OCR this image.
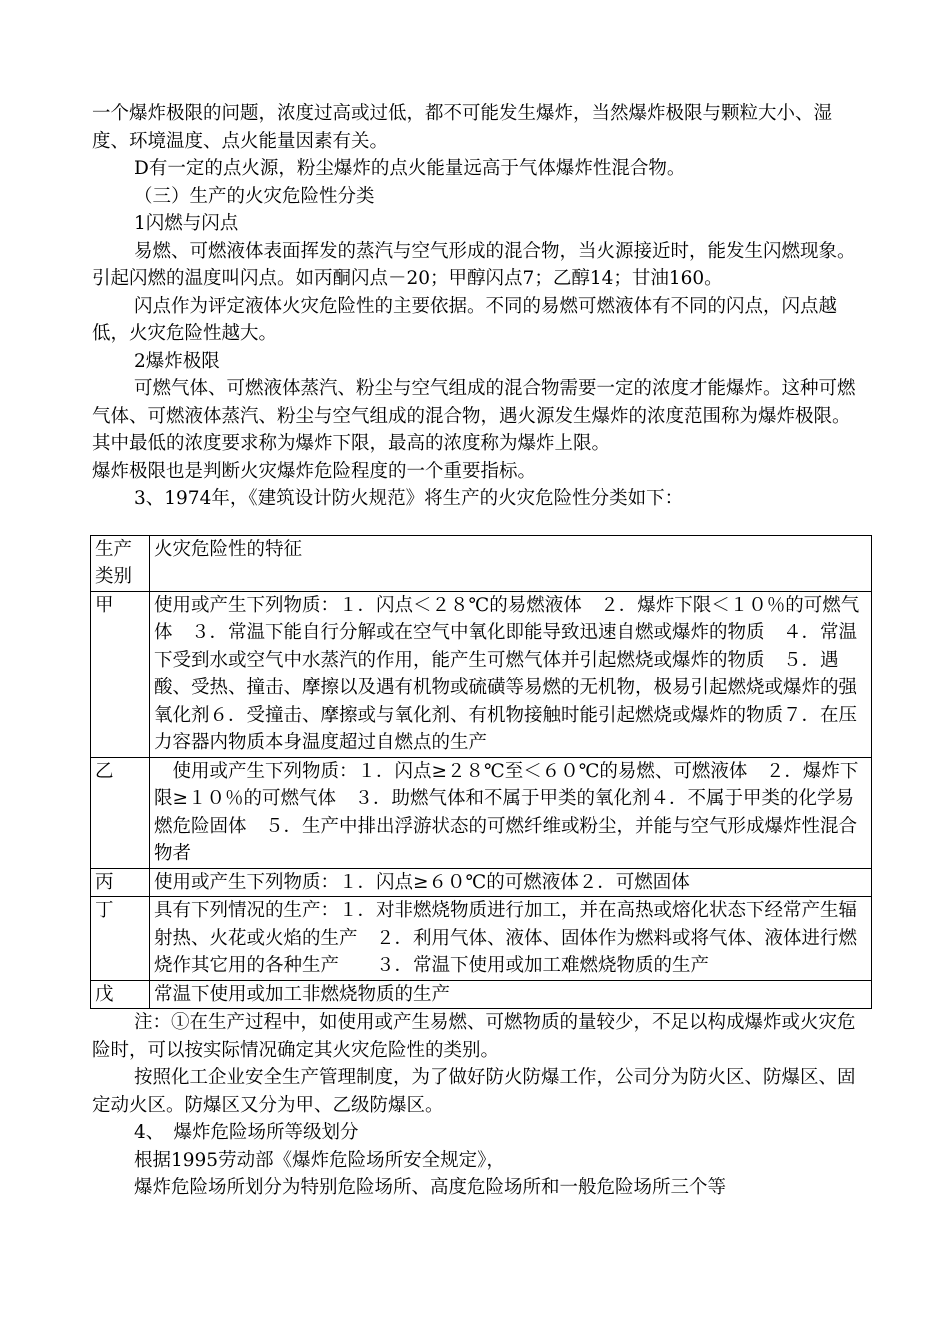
一个爆炸极限的问题，浓度过高或过低，都不可能发生爆炸，当然爆炸极限与颗粒大小、湿度、环境温度、点火能量因素有关。

D有一定的点火源，粉尘爆炸的点火能量远高于气体爆炸性混合物。

（三）生产的火灾危险性分类

1闪燃与闪点

易燃、可燃液体表面挥发的蒸汽与空气形成的混合物，当火源接近时，能发生闪燃现象。引起闪燃的温度叫闪点。如丙酮闪点－20；甲醇闪点7；乙醇14；甘油160。

闪点作为评定液体火灾危险性的主要依据。不同的易燃可燃液体有不同的闪点，闪点越低，火灾危险性越大。

2爆炸极限

可燃气体、可燃液体蒸汽、粉尘与空气组成的混合物需要一定的浓度才能爆炸。这种可燃气体、可燃液体蒸汽、粉尘与空气组成的混合物，遇火源发生爆炸的浓度范围称为爆炸极限。其中最低的浓度要求称为爆炸下限，最高的浓度称为爆炸上限。

爆炸极限也是判断火灾爆炸危险程度的一个重要指标。

3、1974年，《建筑设计防火规范》将生产的火灾危险性分类如下：

生产类别	火灾危险性的特征
甲	使用或产生下列物质：１．闪点＜２８℃的易燃液体　２．爆炸下限＜１０％的可燃气体　３．常温下能自行分解或在空气中氧化即能导致迅速自燃或爆炸的物质　４．常温下受到水或空气中水蒸汽的作用，能产生可燃气体并引起燃烧或爆炸的物质　５．遇酸、受热、撞击、摩擦以及遇有机物或硫磺等易燃的无机物，极易引起燃烧或爆炸的强氧化剂６．受撞击、摩擦或与氧化剂、有机物接触时能引起燃烧或爆炸的物质７．在压力容器内物质本身温度超过自燃点的生产
乙	　使用或产生下列物质：１．闪点≥２８℃至＜６０℃的易燃、可燃液体　２．爆炸下限≥１０％的可燃气体　３．助燃气体和不属于甲类的氧化剂４．不属于甲类的化学易燃危险固体　５．生产中排出浮游状态的可燃纤维或粉尘，并能与空气形成爆炸性混合物者
丙	使用或产生下列物质：１．闪点≥６０℃的可燃液体２．可燃固体
丁	具有下列情况的生产：１．对非燃烧物质进行加工，并在高热或熔化状态下经常产生辐射热、火花或火焰的生产　２．利用气体、液体、固体作为燃料或将气体、液体进行燃烧作其它用的各种生产　　３．常温下使用或加工难燃烧物质的生产
戊	常温下使用或加工非燃烧物质的生产

注：①在生产过程中，如使用或产生易燃、可燃物质的量较少，不足以构成爆炸或火灾危险时，可以按实际情况确定其火灾危险性的类别。

按照化工企业安全生产管理制度，为了做好防火防爆工作，公司分为防火区、防爆区、固定动火区。防爆区又分为甲、乙级防爆区。

4、　爆炸危险场所等级划分

根据1995劳动部《爆炸危险场所安全规定》，

爆炸危险场所划分为特别危险场所、高度危险场所和一般危险场所三个等
